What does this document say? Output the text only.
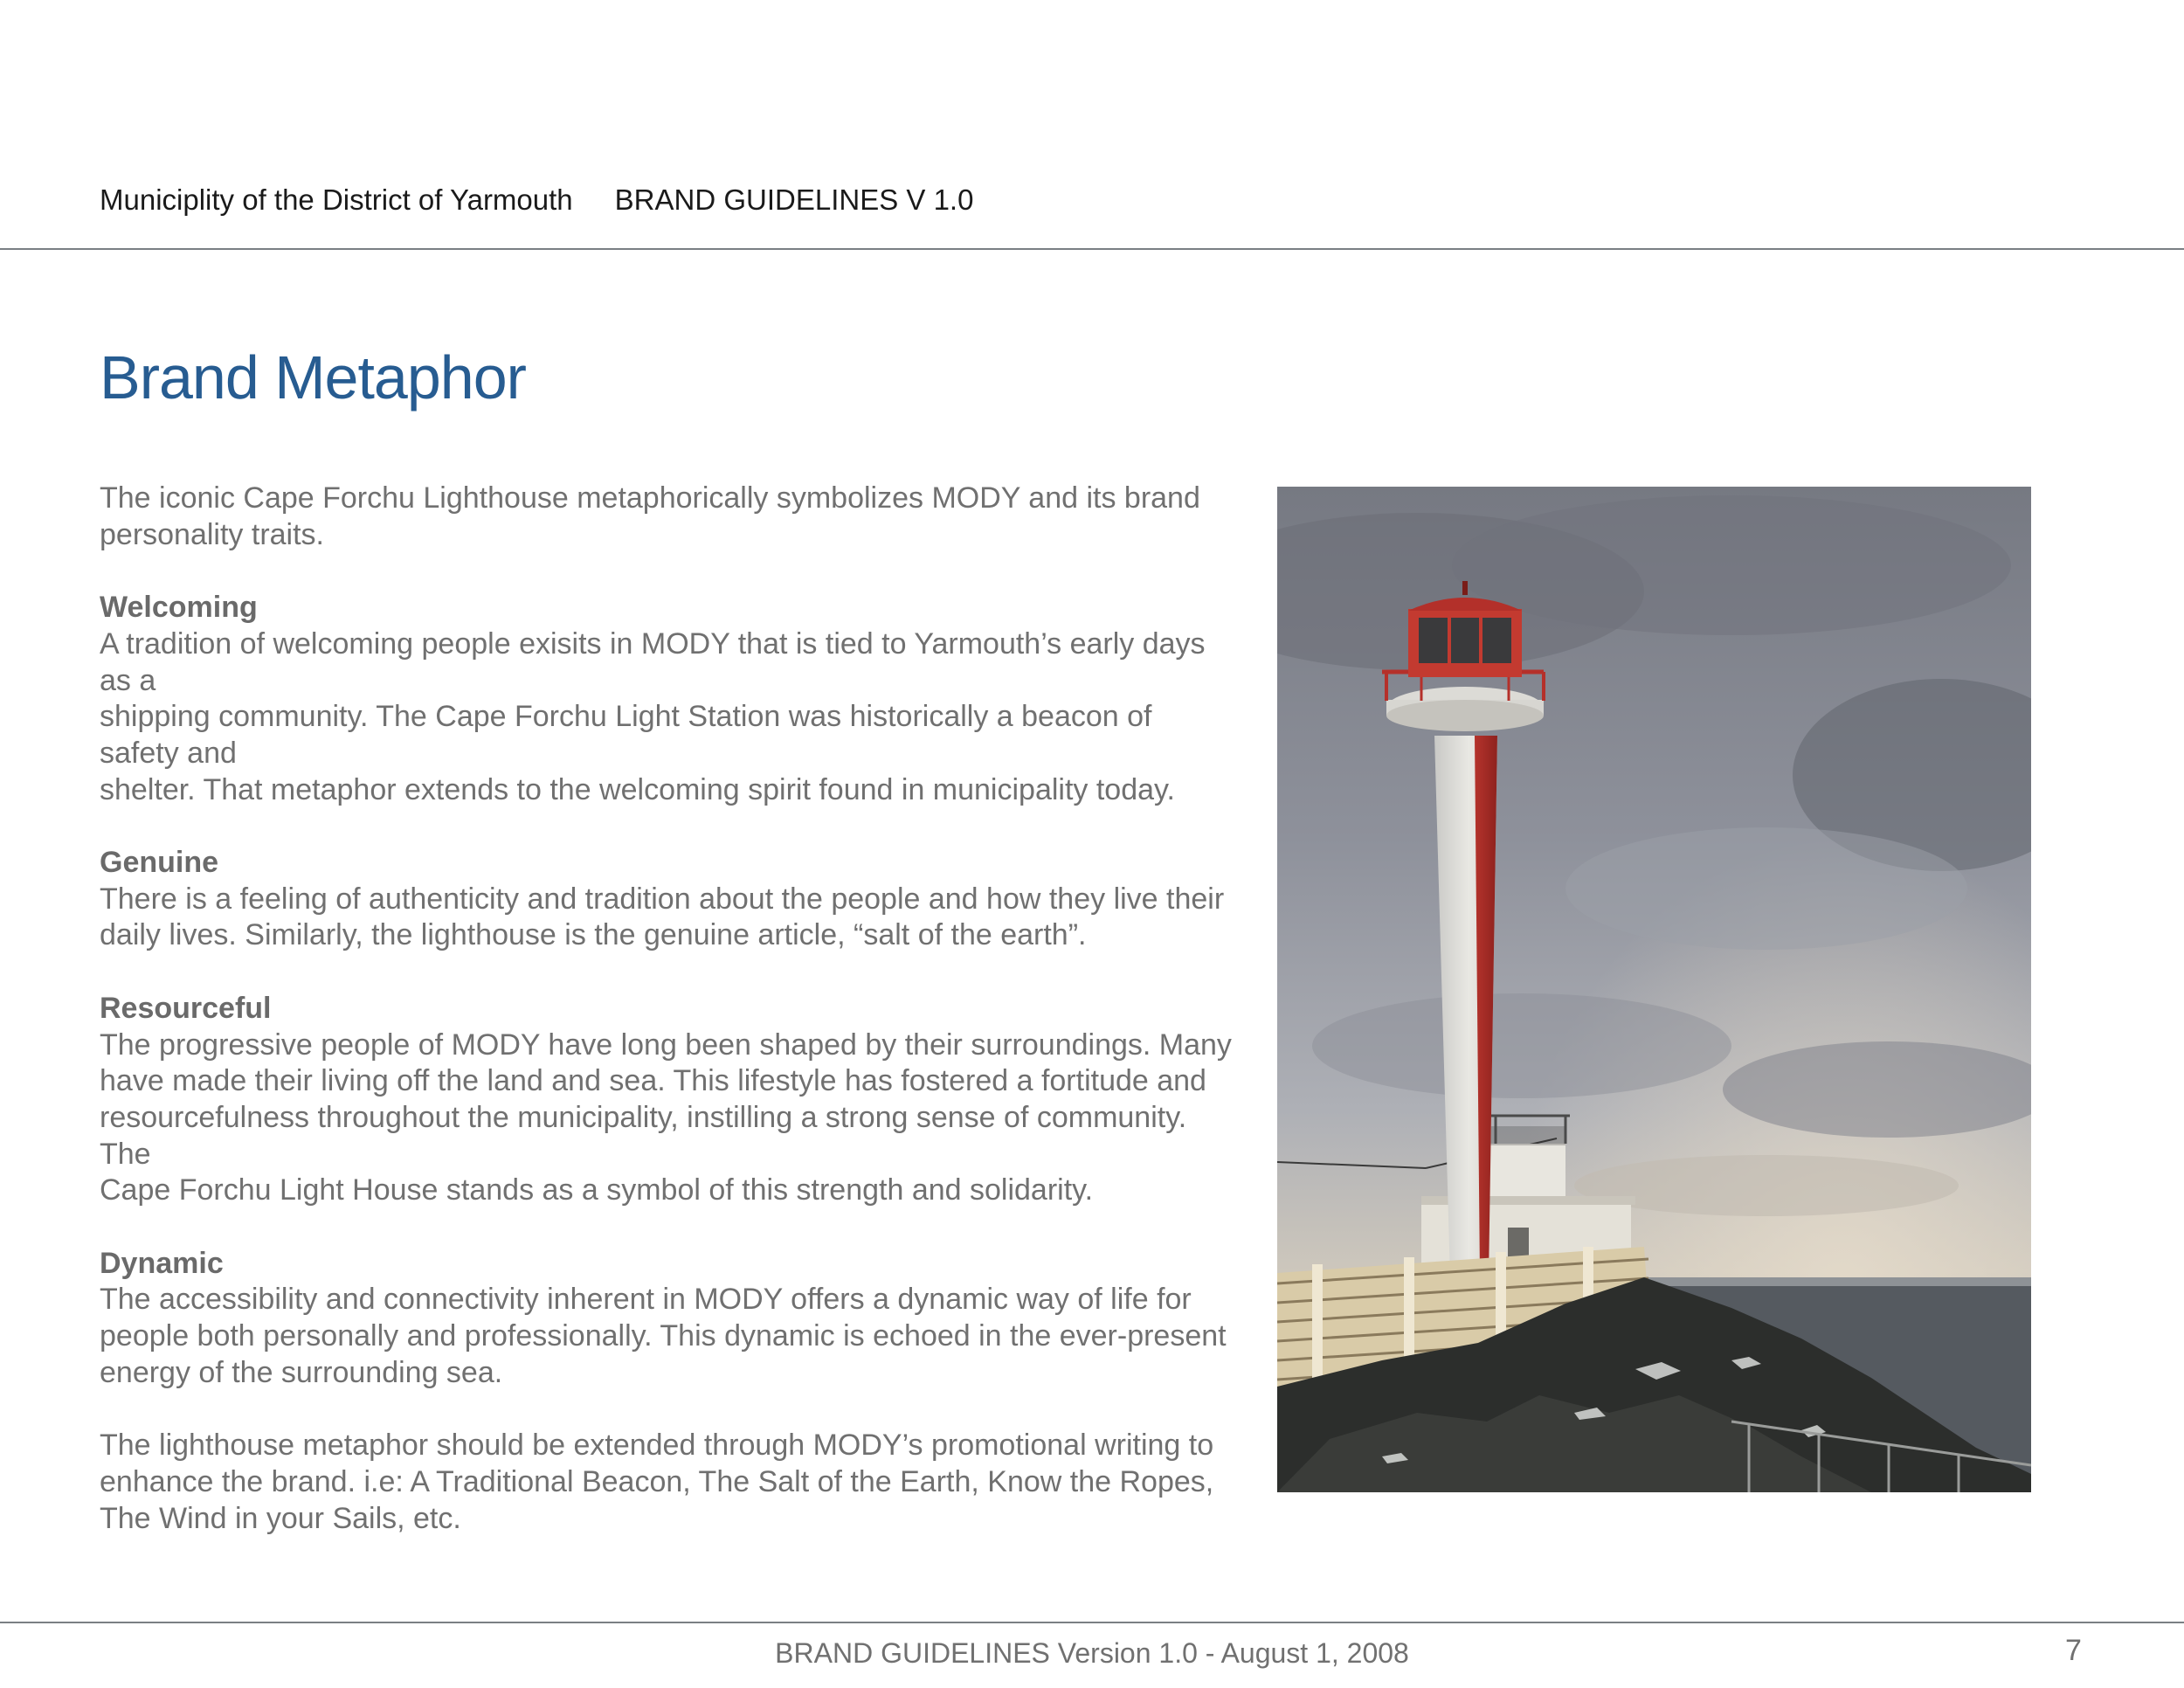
Municiplity of the District of Yarmouth BRAND GUIDELINES V 1.0
Brand Metaphor

The iconic Cape Forchu Lighthouse metaphorically symbolizes MODY and its brand personality traits.

Welcoming

A tradition of welcoming people exisits in MODY that is tied to Yarmouth’s early days as a
shipping community. The Cape Forchu Light Station was historically a beacon of safety and
shelter. That metaphor extends to the welcoming spirit found in municipality today.

Genuine

There is a feeling of authenticity and tradition about the people and how they live their
daily lives. Similarly, the lighthouse is the genuine article, “salt of the earth”.

Resourceful

The progressive people of MODY have long been shaped by their surroundings. Many
have made their living off the land and sea. This lifestyle has fostered a fortitude and
resourcefulness throughout the municipality, instilling a strong sense of community. The
Cape Forchu Light House stands as a symbol of this strength and solidarity.

Dynamic

The accessibility and connectivity inherent in MODY offers a dynamic way of life for
people both personally and professionally. This dynamic is echoed in the ever-present
energy of the surrounding sea.

The lighthouse metaphor should be extended through MODY’s promotional writing to
enhance the brand. i.e: A Traditional Beacon, The Salt of the Earth, Know the Ropes,
The Wind in your Sails, etc.

BRAND GUIDELINES Version 1.0 - August 1, 2008	7
